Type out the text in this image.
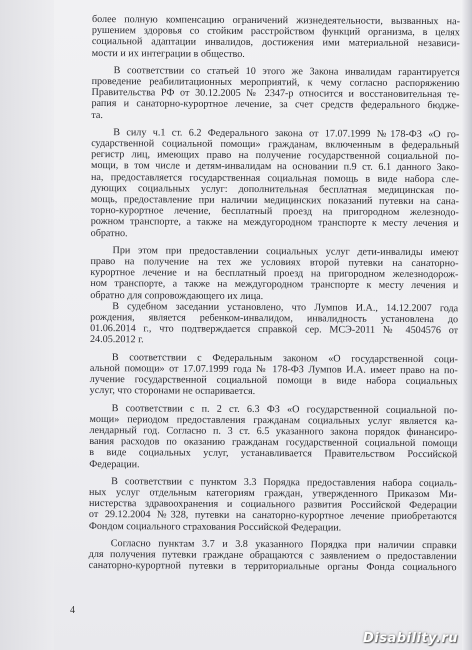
более полную компенсацию ограничений жизнедеятельности, вызванных на-
рушением здоровья со стойким расстройством функций организма, в целях
социальной адаптации инвалидов, достижения ими материальной независи-
мости и их интеграции в общество.
В соответствии со статьей 10 этого же Закона инвалидам гарантируется
проведение реабилитационных мероприятий, к чему согласно распоряжению
Правительства РФ от 30.12.2005 № 2347-р относится и восстановительная те-
рапия и санаторно-курортное лечение, за счет средств федерального бюдже-
та.
В силу ч.1 ст. 6.2 Федерального закона от 17.07.1999 №178-ФЗ «О го-
сударственной социальной помощи» гражданам, включенным в федеральный
регистр лиц, имеющих право на получение государственной социальной по-
мощи, в том числе и детям-инвалидам на основании п.9 ст. 6.1 данного Зако-
на, предоставляется государственная социальная помощь в виде набора сле-
дующих социальных услуг: дополнительная бесплатная медицинская по-
мощь, предоставление при наличии медицинских показаний путевки на сана-
торно-курортное лечение, бесплатный проезд на пригородном железнодо-
рожном транспорте, а также на междугородном транспорте к месту лечения и
обратно.
При этом при предоставлении социальных услуг дети-инвалиды имеют
право на получение на тех же условиях второй путевки на санаторно-
курортное лечение и на бесплатный проезд на пригородном железнодорож-
ном транспорте, а также на междугородном транспорте к месту лечения и
обратно для сопровождающего их лица.
В судебном заседании установлено, что Лумпов И.А., 14.12.2007 года
рождения, является ребенком-инвалидом, инвалидность установлена до
01.06.2014 г., что подтверждается справкой сер. МСЭ-2011 № 4504576 от
24.05.2012 г.
В соответствии с Федеральным законом «О государственной соци-
альной помощи» от 17.07.1999 года № 178-ФЗ Лумпов И.А. имеет право на по-
лучение государственной социальной помощи в виде набора социальных
услуг, что сторонами не оспаривается.
В соответствии с п. 2 ст. 6.3 ФЗ «О государственной социальной по-
мощи» периодом предоставления гражданам социальных услуг является ка-
лендарный год. Согласно п. 3 ст. 6.5 указанного закона порядок финансиро-
вания расходов по оказанию гражданам государственной социальной помощи
в виде социальных услуг, устанавливается Правительством Российской
Федерации.
В соответствии с пунктом 3.3 Порядка предоставления набора социаль-
ных услуг отдельным категориям граждан, утвержденного Приказом Ми-
нистерства здравоохранения и социального развития Российской Федерации
от 29.12.2004 №328, путевки на санаторно-курортное лечение приобретаются
Фондом социального страхования Российской Федерации.
Согласно пунктам 3.7 и 3.8 указанного Порядка при наличии справки
для получения путевки граждане обращаются с заявлением о предоставлении
санаторно-курортной путевки в территориальные органы Фонда социального
4
Disability.ru
